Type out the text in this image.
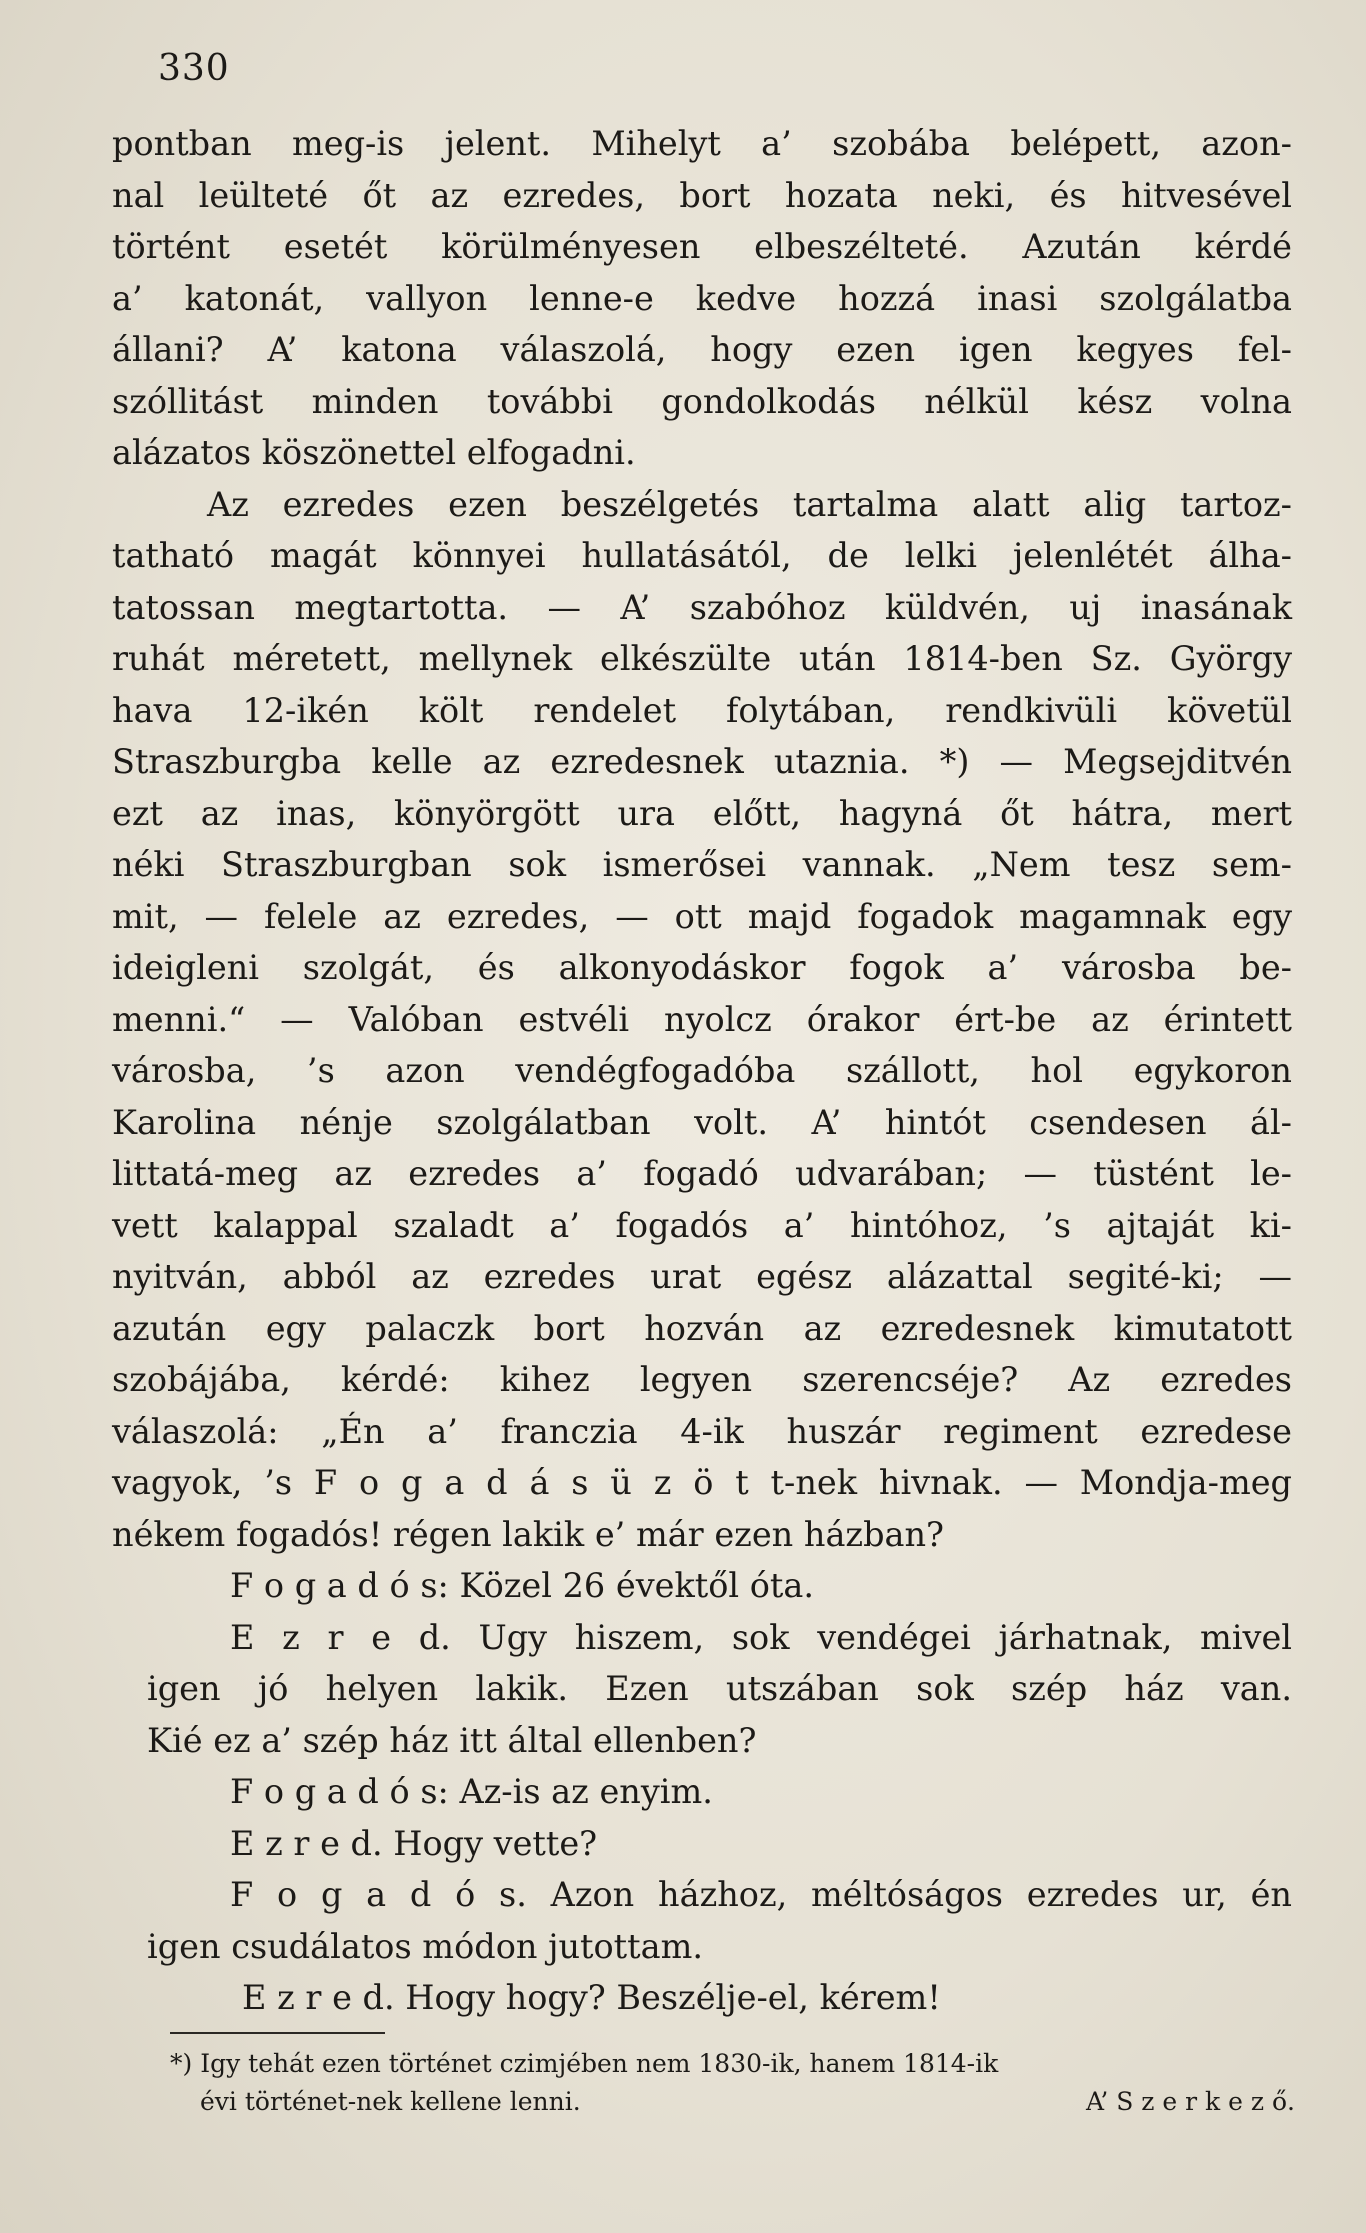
330
pontban meg-is jelent. Mihelyt a’ szobába belépett, azon-
nal leülteté őt az ezredes, bort hozata neki, és hitvesével
történt esetét körülményesen elbeszélteté. Azután kérdé
a’ katonát, vallyon lenne-e kedve hozzá inasi szolgálatba
állani? A’ katona válaszolá, hogy ezen igen kegyes fel-
szóllitást minden további gondolkodás nélkül kész volna
alázatos köszönettel elfogadni.
Az ezredes ezen beszélgetés tartalma alatt alig tartoz-
tatható magát könnyei hullatásától, de lelki jelenlétét álha-
tatossan megtartotta. — A’ szabóhoz küldvén, uj inasának
ruhát méretett, mellynek elkészülte után 1814-ben Sz. György
hava 12-ikén költ rendelet folytában, rendkivüli követül
Straszburgba kelle az ezredesnek utaznia. *) — Megsejditvén
ezt az inas, könyörgött ura előtt, hagyná őt hátra, mert
néki Straszburgban sok ismerősei vannak. „Nem tesz sem-
mit, — felele az ezredes, — ott majd fogadok magamnak egy
ideigleni szolgát, és alkonyodáskor fogok a’ városba be-
menni.“ — Valóban estvéli nyolcz órakor ért-be az érintett
városba, ’s azon vendégfogadóba szállott, hol egykoron
Karolina nénje szolgálatban volt. A’ hintót csendesen ál-
littatá-meg az ezredes a’ fogadó udvarában; — tüstént le-
vett kalappal szaladt a’ fogadós a’ hintóhoz, ’s ajtaját ki-
nyitván, abból az ezredes urat egész alázattal segité-ki; —
azután egy palaczk bort hozván az ezredesnek kimutatott
szobájába, kérdé: kihez legyen szerencséje? Az ezredes
válaszolá: „Én a’ franczia 4-ik huszár regiment ezredese
vagyok, ’s F o g a d á s ü z ö t t-nek hivnak. — Mondja-meg
nékem fogadós! régen lakik e’ már ezen házban?
F o g a d ó s: Közel 26 évektől óta.
E z r e d. Ugy hiszem, sok vendégei járhatnak, mivel
igen jó helyen lakik. Ezen utszában sok szép ház van.
Kié ez a’ szép ház itt által ellenben?
F o g a d ó s: Az-is az enyim.
E z r e d. Hogy vette?
F o g a d ó s. Azon házhoz, méltóságos ezredes ur, én
igen csudálatos módon jutottam.
E z r e d. Hogy hogy? Beszélje-el, kérem!
*) Igy tehát ezen történet czimjében nem 1830-ik, hanem 1814-ik
évi történet-nek kellene lenni.	A’ S z e r k e z ő.
